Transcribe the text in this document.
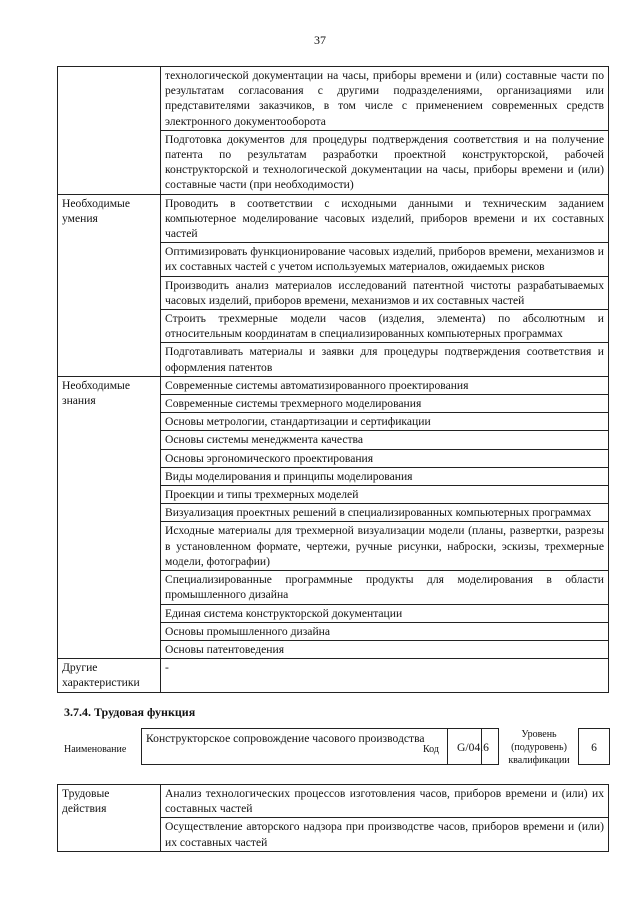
37
	технологической документации на часы, приборы времени и (или) составные части по результатам согласования с другими подразделениями, организациями или представителями заказчиков, в том числе с применением современных средств электронного документооборота
	Подготовка документов для процедуры подтверждения соответствия и на получение патента по результатам разработки проектной конструкторской, рабочей конструкторской и технологической документации на часы, приборы времени и (или) составные части (при необходимости)
Необходимые умения	Проводить в соответствии с исходными данными и техническим заданием компьютерное моделирование часовых изделий, приборов времени и их составных частей
	Оптимизировать функционирование часовых изделий, приборов времени, механизмов и их составных частей с учетом используемых материалов, ожидаемых рисков
	Производить анализ материалов исследований патентной чистоты разрабатываемых часовых изделий, приборов времени, механизмов и их составных частей
	Строить трехмерные модели часов (изделия, элемента) по абсолютным и относительным координатам в специализированных компьютерных программах
	Подготавливать материалы и заявки для процедуры подтверждения соответствия и оформления патентов
Необходимые знания	Современные системы автоматизированного проектирования
	Современные системы трехмерного моделирования
	Основы метрологии, стандартизации и сертификации
	Основы системы менеджмента качества
	Основы эргономического проектирования
	Виды моделирования и принципы моделирования
	Проекции и типы трехмерных моделей
	Визуализация проектных решений в специализированных компьютерных программах
	Исходные материалы для трехмерной визуализации модели (планы, развертки, разрезы в установленном формате, чертежи, ручные рисунки, наброски, эскизы, трехмерные модели, фотографии)
	Специализированные программные продукты для моделирования в области промышленного дизайна
	Единая система конструкторской документации
	Основы промышленного дизайна
	Основы патентоведения
Другие характеристики	-
3.7.4. Трудовая функция
Наименование
Конструкторское сопровождение часового производства
Код	G/04.6
Уровень (подуровень) квалификации
6
Трудовые действия	Анализ технологических процессов изготовления часов, приборов времени и (или) их составных частей
Осуществление авторского надзора при производстве часов, приборов времени и (или) их составных частей
